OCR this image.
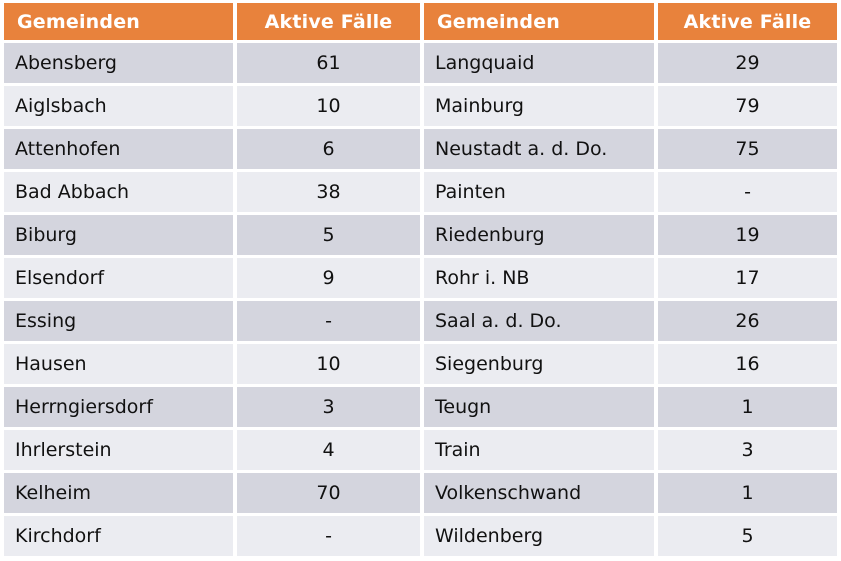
Gemeinden	Aktive Fälle	Gemeinden	Aktive Fälle
Abensberg	61	Langquaid	29
Aiglsbach	10	Mainburg	79
Attenhofen	6	Neustadt a. d. Do.	75
Bad Abbach	38	Painten	-
Biburg	5	Riedenburg	19
Elsendorf	9	Rohr i. NB	17
Essing	-	Saal a. d. Do.	26
Hausen	10	Siegenburg	16
Herrngiersdorf	3	Teugn	1
Ihrlerstein	4	Train	3
Kelheim	70	Volkenschwand	1
Kirchdorf	-	Wildenberg	5
